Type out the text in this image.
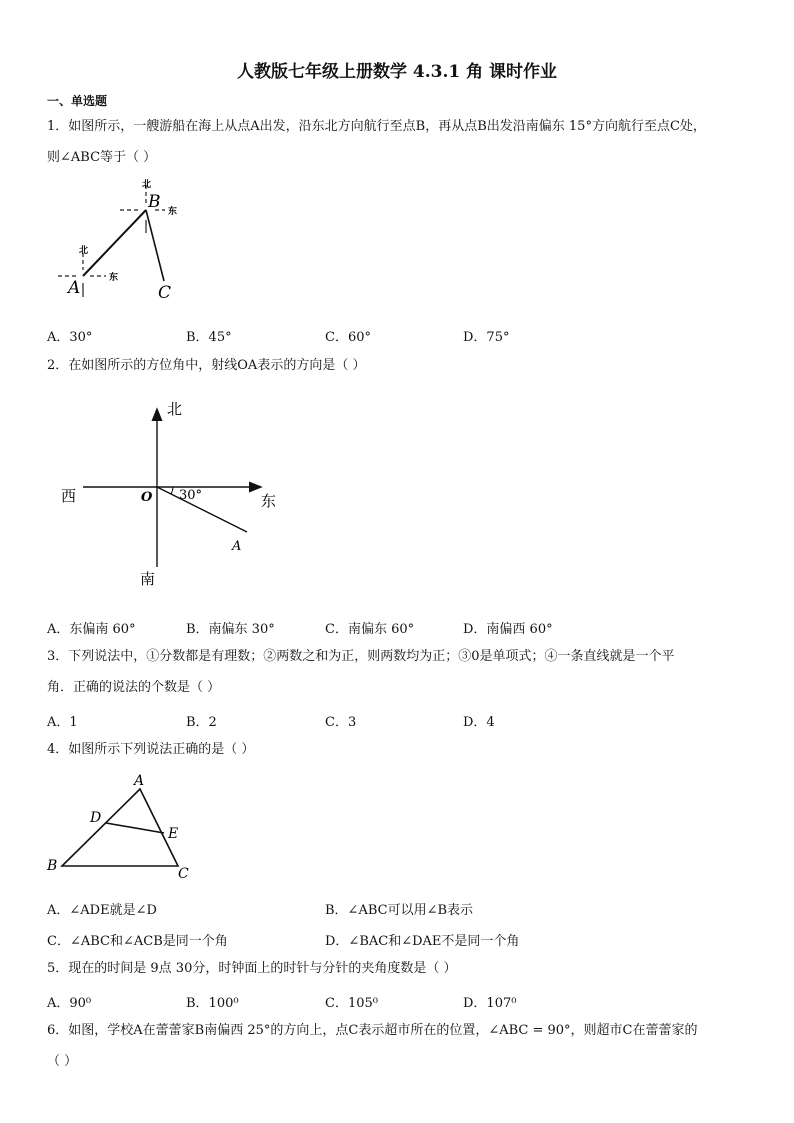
人教版七年级上册数学 4.3.1 角 课时作业
一、单选题
1．如图所示，一艘游船在海上从点A出发，沿东北方向航行至点B，再从点B出发沿南偏东 15°方向航行至点C处，
则∠ABC等于（ ）
北
东
北
东
B
A	C
A．30°	B．45°	C．60°	D．75°
2．在如图所示的方位角中，射线OA表示的方向是（ ）
北
南
西	东
O 30°
A
A．东偏南 60°	B．南偏东 30°	C．南偏东 60°	D．南偏西 60°
3．下列说法中，①分数都是有理数；②两数之和为正，则两数均为正；③0是单项式；④一条直线就是一个平
角．正确的说法的个数是（ ）
A．1	B．2	C．3	D．4
4．如图所示下列说法正确的是（ ）
A
B	C
D
E
A．∠ADE就是∠D	B．∠ABC可以用∠B表示
C．∠ABC和∠ACB是同一个角	D．∠BAC和∠DAE不是同一个角
5．现在的时间是 9点 30分，时钟面上的时针与分针的夹角度数是（ ）
A．90⁰	B．100⁰	C．105⁰	D．107⁰
6．如图，学校A在蕾蕾家B南偏西 25°的方向上，点C表示超市所在的位置，∠ABC = 90°，则超市C在蕾蕾家的
（ ）
